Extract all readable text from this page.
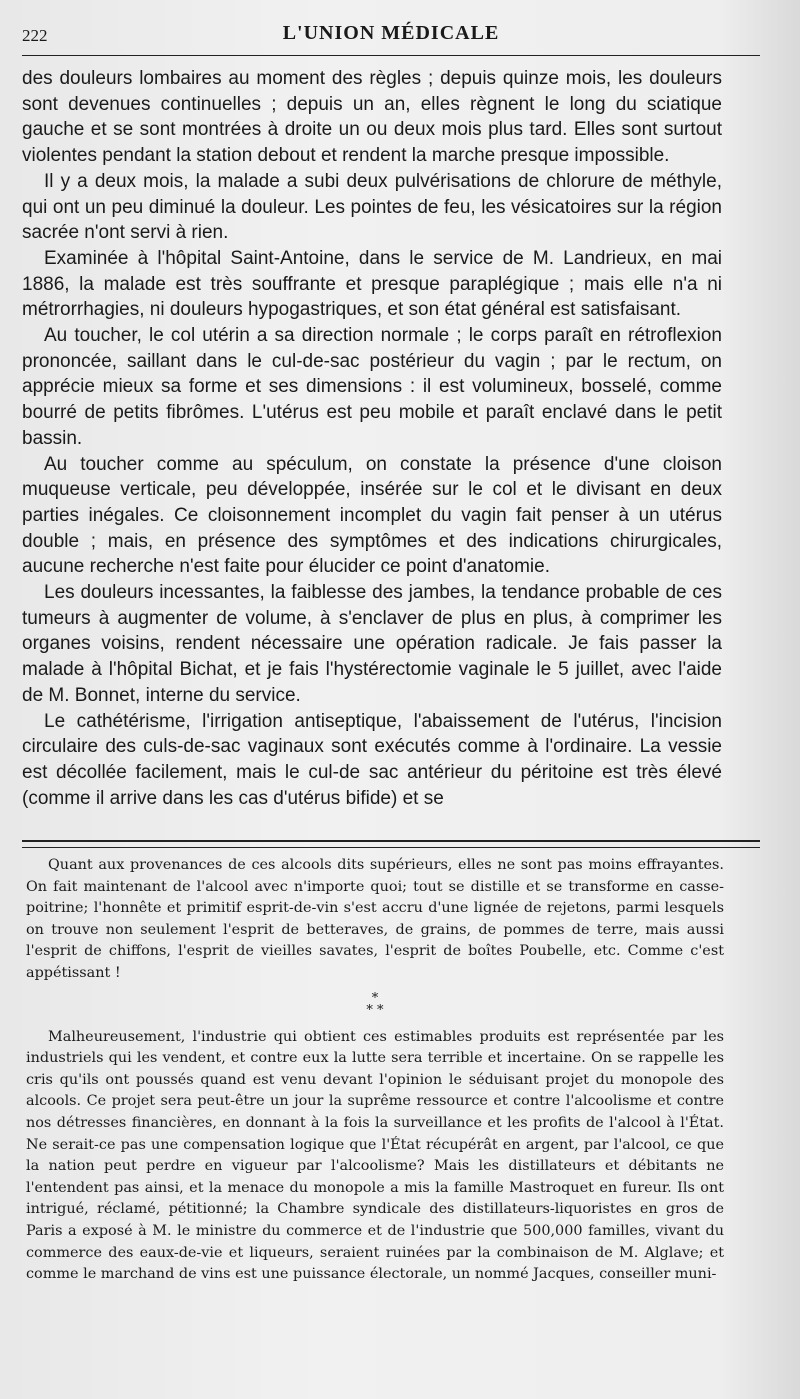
222	L'UNION MÉDICALE

des douleurs lombaires au moment des règles ; depuis quinze mois, les douleurs sont devenues continuelles ; depuis un an, elles règnent le long du sciatique gauche et se sont montrées à droite un ou deux mois plus tard. Elles sont surtout violentes pendant la station debout et rendent la marche presque impossible.

Il y a deux mois, la malade a subi deux pulvérisations de chlorure de méthyle, qui ont un peu diminué la douleur. Les pointes de feu, les vésicatoires sur la région sacrée n'ont servi à rien.

Examinée à l'hôpital Saint-Antoine, dans le service de M. Landrieux, en mai 1886, la malade est très souffrante et presque paraplégique ; mais elle n'a ni métrorrhagies, ni douleurs hypogastriques, et son état général est satisfaisant.

Au toucher, le col utérin a sa direction normale ; le corps paraît en rétroflexion prononcée, saillant dans le cul-de-sac postérieur du vagin ; par le rectum, on apprécie mieux sa forme et ses dimensions : il est volumineux, bosselé, comme bourré de petits fibrômes. L'utérus est peu mobile et paraît enclavé dans le petit bassin.

Au toucher comme au spéculum, on constate la présence d'une cloison muqueuse verticale, peu développée, insérée sur le col et le divisant en deux parties inégales. Ce cloisonnement incomplet du vagin fait penser à un utérus double ; mais, en présence des symptômes et des indications chirurgicales, aucune recherche n'est faite pour élucider ce point d'anatomie.

Les douleurs incessantes, la faiblesse des jambes, la tendance probable de ces tumeurs à augmenter de volume, à s'enclaver de plus en plus, à comprimer les organes voisins, rendent nécessaire une opération radicale. Je fais passer la malade à l'hôpital Bichat, et je fais l'hystérectomie vaginale le 5 juillet, avec l'aide de M. Bonnet, interne du service.

Le cathétérisme, l'irrigation antiseptique, l'abaissement de l'utérus, l'incision circulaire des culs-de-sac vaginaux sont exécutés comme à l'ordinaire. La vessie est décollée facilement, mais le cul-de sac antérieur du péritoine est très élevé (comme il arrive dans les cas d'utérus bifide) et se

Quant aux provenances de ces alcools dits supérieurs, elles ne sont pas moins effrayantes. On fait maintenant de l'alcool avec n'importe quoi; tout se distille et se transforme en casse-poitrine; l'honnête et primitif esprit-de-vin s'est accru d'une lignée de rejetons, parmi lesquels on trouve non seulement l'esprit de betteraves, de grains, de pommes de terre, mais aussi l'esprit de chiffons, l'esprit de vieilles savates, l'esprit de boîtes Poubelle, etc. Comme c'est appétissant !

*
* *

Malheureusement, l'industrie qui obtient ces estimables produits est représentée par les industriels qui les vendent, et contre eux la lutte sera terrible et incertaine. On se rappelle les cris qu'ils ont poussés quand est venu devant l'opinion le séduisant projet du monopole des alcools. Ce projet sera peut-être un jour la suprême ressource et contre l'alcoolisme et contre nos détresses financières, en donnant à la fois la surveillance et les profits de l'alcool à l'État. Ne serait-ce pas une compensation logique que l'État récupérât en argent, par l'alcool, ce que la nation peut perdre en vigueur par l'alcoolisme? Mais les distillateurs et débitants ne l'entendent pas ainsi, et la menace du monopole a mis la famille Mastroquet en fureur. Ils ont intrigué, réclamé, pétitionné; la Chambre syndicale des distillateurs-liquoristes en gros de Paris a exposé à M. le ministre du commerce et de l'industrie que 500,000 familles, vivant du commerce des eaux-de-vie et liqueurs, seraient ruinées par la combinaison de M. Alglave; et comme le marchand de vins est une puissance électorale, un nommé Jacques, conseiller muni-
